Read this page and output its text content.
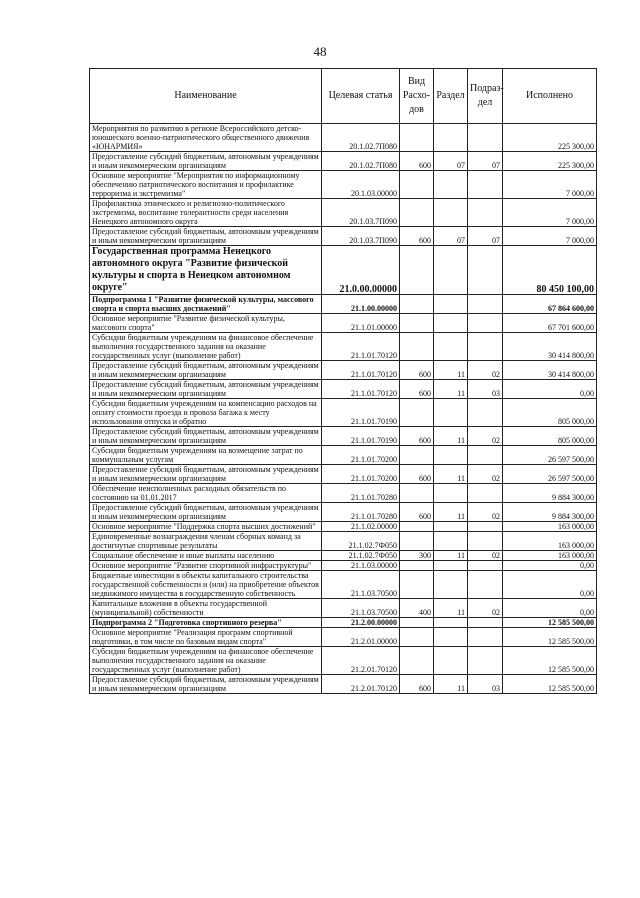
48
Наименование	Целевая статья	Вид Расхо- дов	Раздел	Подраз- дел	Исполнено
Мероприятия по развитию в регионе Всероссийского детско-юношеского военно-патриотического общественного движения «ЮНАРМИЯ»	20.1.02.7П080				225 300,00
Предоставление субсидий бюджетным, автономным учреждениям и иным некоммерческим организациям	20.1.02.7П080	600	07	07	225 300,00
Основное мероприятие "Мероприятия по информационному обеспечению патриотического воспитания и профилактике терроризма и экстремизма"	20.1.03.00000				7 000,00
Профилактика этнического и религиозно-политического экстремизма, воспитание толерантности среди населения Ненецкого автономного округа	20.1.03.7П090				7 000,00
Предоставление субсидий бюджетным, автономным учреждениям и иным некоммерческим организациям	20.1.03.7П090	600	07	07	7 000,00
Государственная программа Ненецкого автономного округа "Развитие физической культуры и спорта в Ненецком автономном округе"	21.0.00.00000				80 450 100,00
Подпрограмма 1 "Развитие физической культуры, массового спорта и спорта высших достижений"	21.1.00.00000				67 864 600,00
Основное мероприятие "Развитие физической культуры, массового спорта"	21.1.01.00000				67 701 600,00
Субсидии бюджетным учреждениям на финансовое обеспечение выполнения государственного задания на оказание государственных услуг (выполнение работ)	21.1.01.70120				30 414 800,00
Предоставление субсидий бюджетным, автономным учреждениям и иным некоммерческим организациям	21.1.01.70120	600	11	02	30 414 800,00
Предоставление субсидий бюджетным, автономным учреждениям и иным некоммерческим организациям	21.1.01.70120	600	11	03	0,00
Субсидии бюджетным учреждениям на компенсацию расходов на оплату стоимости проезда и провоза багажа к месту использования отпуска и обратно	21.1.01.70190				805 000,00
Предоставление субсидий бюджетным, автономным учреждениям и иным некоммерческим организациям	21.1.01.70190	600	11	02	805 000,00
Субсидии бюджетным учреждениям на возмещение затрат по коммунальным услугам	21.1.01.70200				26 597 500,00
Предоставление субсидий бюджетным, автономным учреждениям и иным некоммерческим организациям	21.1.01.70200	600	11	02	26 597 500,00
Обеспечение неисполненных расходных обязательств по состоянию на 01.01.2017	21.1.01.70280				9 884 300,00
Предоставление субсидий бюджетным, автономным учреждениям и иным некоммерческим организациям	21.1.01.70280	600	11	02	9 884 300,00
Основное мероприятие "Поддержка спорта высших достижений"	21.1.02.00000				163 000,00
Единовременные вознаграждения членам сборных команд за достигнутые спортивные результаты	21.1.02.7Ф050				163 000,00
Социальное обеспечение и иные выплаты населению	21.1.02.7Ф050	300	11	02	163 000,00
Основное мероприятие "Развитие спортивной инфраструктуры"	21.1.03.00000				0,00
Бюджетные инвестиции в объекты капитального строительства государственной собственности и (или) на приобретение объектов недвижимого имущества в государственную собственность	21.1.03.70500				0,00
Капитальные вложения в объекты государственной (муниципальной) собственности	21.1.03.70500	400	11	02	0,00
Подпрограмма 2 "Подготовка спортивного резерва"	21.2.00.00000				12 585 500,00
Основное мероприятие "Реализация программ спортивной подготовки, в том числе по базовым видам спорта"	21.2.01.00000				12 585 500,00
Субсидии бюджетным учреждениям на финансовое обеспечение выполнения государственного задания на оказание государственных услуг (выполнение работ)	21.2.01.70120				12 585 500,00
Предоставление субсидий бюджетным, автономным учреждениям и иным некоммерческим организациям	21.2.01.70120	600	11	03	12 585 500,00
